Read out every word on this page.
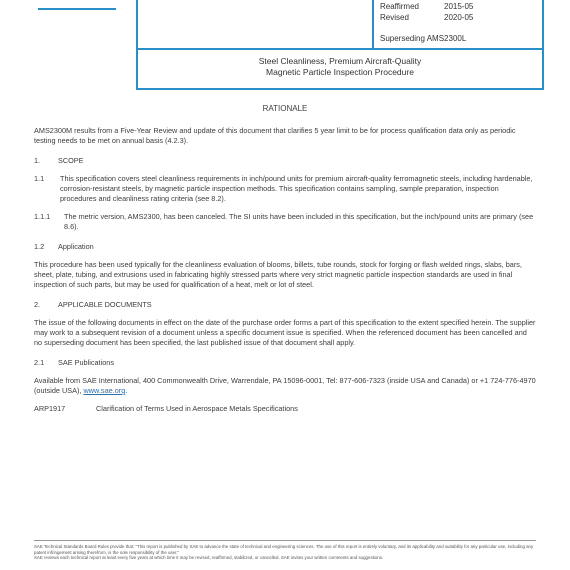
Reaffirmed	2015-05
Revised	2020-05
Superseding AMS2300L
Steel Cleanliness, Premium Aircraft-Quality
Magnetic Particle Inspection Procedure
RATIONALE

AMS2300M results from a Five-Year Review and update of this document that clarifies 5 year limit to be for process qualification data only as periodic testing needs to be met on annual basis (4.2.3).

1. SCOPE
1.1	This specification covers steel cleanliness requirements in inch/pound units for premium aircraft-quality ferromagnetic steels, including hardenable, corrosion-resistant steels, by magnetic particle inspection methods. This specification contains sampling, sample preparation, inspection procedures and cleanliness rating criteria (see 8.2).
1.1.1	The metric version, AMS2300, has been canceled. The SI units have been included in this specification, but the inch/pound units are primary (see 8.6).
1.2 Application

This procedure has been used typically for the cleanliness evaluation of blooms, billets, tube rounds, stock for forging or flash welded rings, slabs, bars, sheet, plate, tubing, and extrusions used in fabricating highly stressed parts where very strict magnetic particle inspection standards are used in final inspection of such parts, but may be used for qualification of a heat, melt or lot of steel.

2. APPLICABLE DOCUMENTS

The issue of the following documents in effect on the date of the purchase order forms a part of this specification to the extent specified herein. The supplier may work to a subsequent revision of a document unless a specific document issue is specified. When the referenced document has been cancelled and no superseding document has been specified, the last published issue of that document shall apply.

2.1 SAE Publications

Available from SAE International, 400 Commonwealth Drive, Warrendale, PA 15096-0001, Tel: 877-606-7323 (inside USA and Canada) or +1 724-776-4970 (outside USA), www.sae.org.

ARP1917	Clarification of Terms Used in Aerospace Metals Specifications
SAE Technical Standards Board Rules provide that: "This report is published by SAE to advance the state of technical and engineering sciences. The use of this report is entirely voluntary, and its applicability and suitability for any particular use, including any patent infringement arising therefrom, is the sole responsibility of the user."
SAE reviews each technical report at least every five years at which time it may be revised, reaffirmed, stabilized, or cancelled. SAE invites your written comments and suggestions.
